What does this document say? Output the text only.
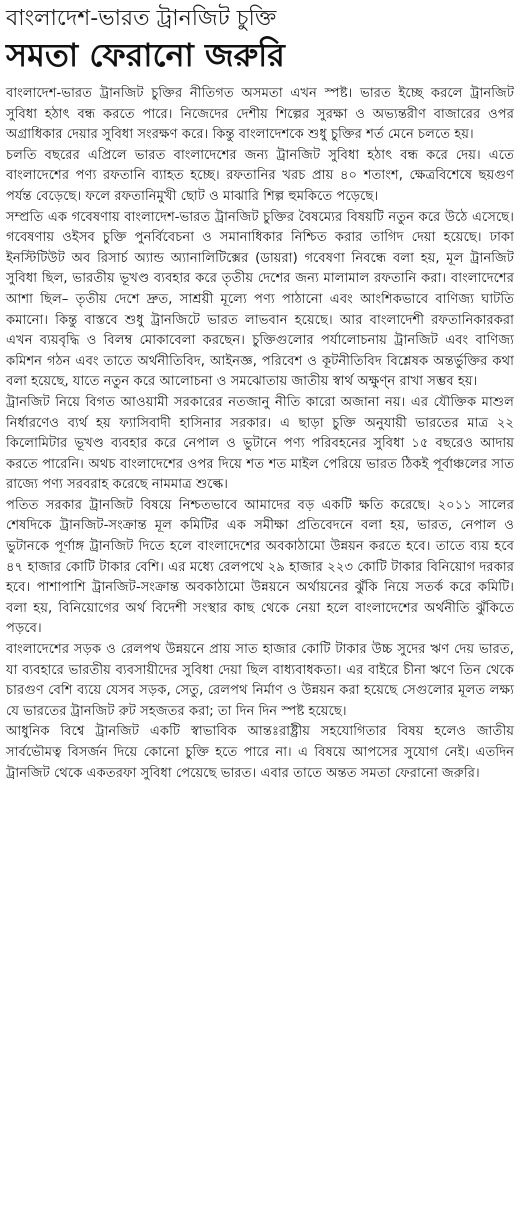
বাংলাদেশ-ভারত ট্রানজিট চুক্তি
সমতা ফেরানো জরুরি

বাংলাদেশ-ভারত ট্রানজিট চুক্তির নীতিগত অসমতা এখন স্পষ্ট। ভারত ইচ্ছে করলে ট্রানজিট সুবিধা হঠাৎ বন্ধ করতে পারে। নিজেদের দেশীয় শিল্পের সুরক্ষা ও অভ্যন্তরীণ বাজারের ওপর অগ্রাধিকার দেয়ার সুবিধা সংরক্ষণ করে। কিন্তু বাংলাদেশকে শুধু চুক্তির শর্ত মেনে চলতে হয়।

চলতি বছরের এপ্রিলে ভারত বাংলাদেশের জন্য ট্রানজিট সুবিধা হঠাৎ বন্ধ করে দেয়। এতে বাংলাদেশের পণ্য রফতানি ব্যাহত হচ্ছে। রফতানির খরচ প্রায় ৪০ শতাংশ, ক্ষেত্রবিশেষে ছয়গুণ পর্যন্ত বেড়েছে। ফলে রফতানিমুখী ছোট ও মাঝারি শিল্প হুমকিতে পড়েছে।

সম্প্রতি এক গবেষণায় বাংলাদেশ-ভারত ট্রানজিট চুক্তির বৈষম্যের বিষয়টি নতুন করে উঠে এসেছে। গবেষণায় ওইসব চুক্তি পুনর্বিবেচনা ও সমানাধিকার নিশ্চিত করার তাগিদ দেয়া হয়েছে। ঢাকা ইনস্টিটিউট অব রিসার্চ অ্যান্ড অ্যানালিটিক্সের (ডায়রা) গবেষণা নিবন্ধে বলা হয়, মূল ট্রানজিট সুবিধা ছিল, ভারতীয় ভূখণ্ড ব্যবহার করে তৃতীয় দেশের জন্য মালামাল রফতানি করা। বাংলাদেশের আশা ছিল– তৃতীয় দেশে দ্রুত, সাশ্রয়ী মূল্যে পণ্য পাঠানো এবং আংশিকভাবে বাণিজ্য ঘাটতি কমানো। কিন্তু বাস্তবে শুধু ট্রানজিটে ভারত লাভবান হয়েছে। আর বাংলাদেশী রফতানিকারকরা এখন ব্যয়বৃদ্ধি ও বিলম্ব মোকাবেলা করছেন। চুক্তিগুলোর পর্যালোচনায় ট্রানজিট এবং বাণিজ্য কমিশন গঠন এবং তাতে অর্থনীতিবিদ, আইনজ্ঞ, পরিবেশ ও কূটনীতিবিদ বিশ্লেষক অন্তর্ভুক্তির কথা বলা হয়েছে, যাতে নতুন করে আলোচনা ও সমঝোতায় জাতীয় স্বার্থ অক্ষুণ্ন রাখা সম্ভব হয়।

ট্রানজিট নিয়ে বিগত আওয়ামী সরকারের নতজানু নীতি কারো অজানা নয়। এর যৌক্তিক মাশুল নির্ধারণেও ব্যর্থ হয় ফ্যাসিবাদী হাসিনার সরকার। এ ছাড়া চুক্তি অনুযায়ী ভারতের মাত্র ২২ কিলোমিটার ভূখণ্ড ব্যবহার করে নেপাল ও ভুটানে পণ্য পরিবহনের সুবিধা ১৫ বছরেও আদায় করতে পারেনি। অথচ বাংলাদেশের ওপর দিয়ে শত শত মাইল পেরিয়ে ভারত ঠিকই পূর্বাঞ্চলের সাত রাজ্যে পণ্য সরবরাহ করেছে নামমাত্র শুল্কে।

পতিত সরকার ট্রানজিট বিষয়ে নিশ্চতভাবে আমাদের বড় একটি ক্ষতি করেছে। ২০১১ সালের শেষদিকে ট্রানজিট-সংক্রান্ত মূল কমিটির এক সমীক্ষা প্রতিবেদনে বলা হয়, ভারত, নেপাল ও ভুটানকে পূর্ণাঙ্গ ট্রানজিট দিতে হলে বাংলাদেশের অবকাঠামো উন্নয়ন করতে হবে। তাতে ব্যয় হবে ৪৭ হাজার কোটি টাকার বেশি। এর মধ্যে রেলপথে ২৯ হাজার ২২৩ কোটি টাকার বিনিয়োগ দরকার হবে। পাশাপাশি ট্রানজিট-সংক্রান্ত অবকাঠামো উন্নয়নে অর্থায়নের ঝুঁকি নিয়ে সতর্ক করে কমিটি। বলা হয়, বিনিয়োগের অর্থ বিদেশী সংস্থার কাছ থেকে নেয়া হলে বাংলাদেশের অর্থনীতি ঝুঁকিতে পড়বে।

বাংলাদেশের সড়ক ও রেলপথ উন্নয়নে প্রায় সাত হাজার কোটি টাকার উচ্চ সুদের ঋণ দেয় ভারত, যা ব্যবহারে ভারতীয় ব্যবসায়ীদের সুবিধা দেয়া ছিল বাধ্যবাধকতা। এর বাইরে চীনা ঋণে তিন থেকে চারগুণ বেশি ব্যয়ে যেসব সড়ক, সেতু, রেলপথ নির্মাণ ও উন্নয়ন করা হয়েছে সেগুলোর মূলত লক্ষ্য যে ভারতের ট্রানজিট রুট সহজতর করা; তা দিন দিন স্পষ্ট হয়েছে।

আধুনিক বিশ্বে ট্রানজিট একটি স্বাভাবিক আন্তঃরাষ্ট্রীয় সহযোগিতার বিষয় হলেও জাতীয় সার্বভৌমত্ব বিসর্জন দিয়ে কোনো চুক্তি হতে পারে না। এ বিষয়ে আপসের সুযোগ নেই। এতদিন ট্রানজিট থেকে একতরফা সুবিধা পেয়েছে ভারত। এবার তাতে অন্তত সমতা ফেরানো জরুরি।
